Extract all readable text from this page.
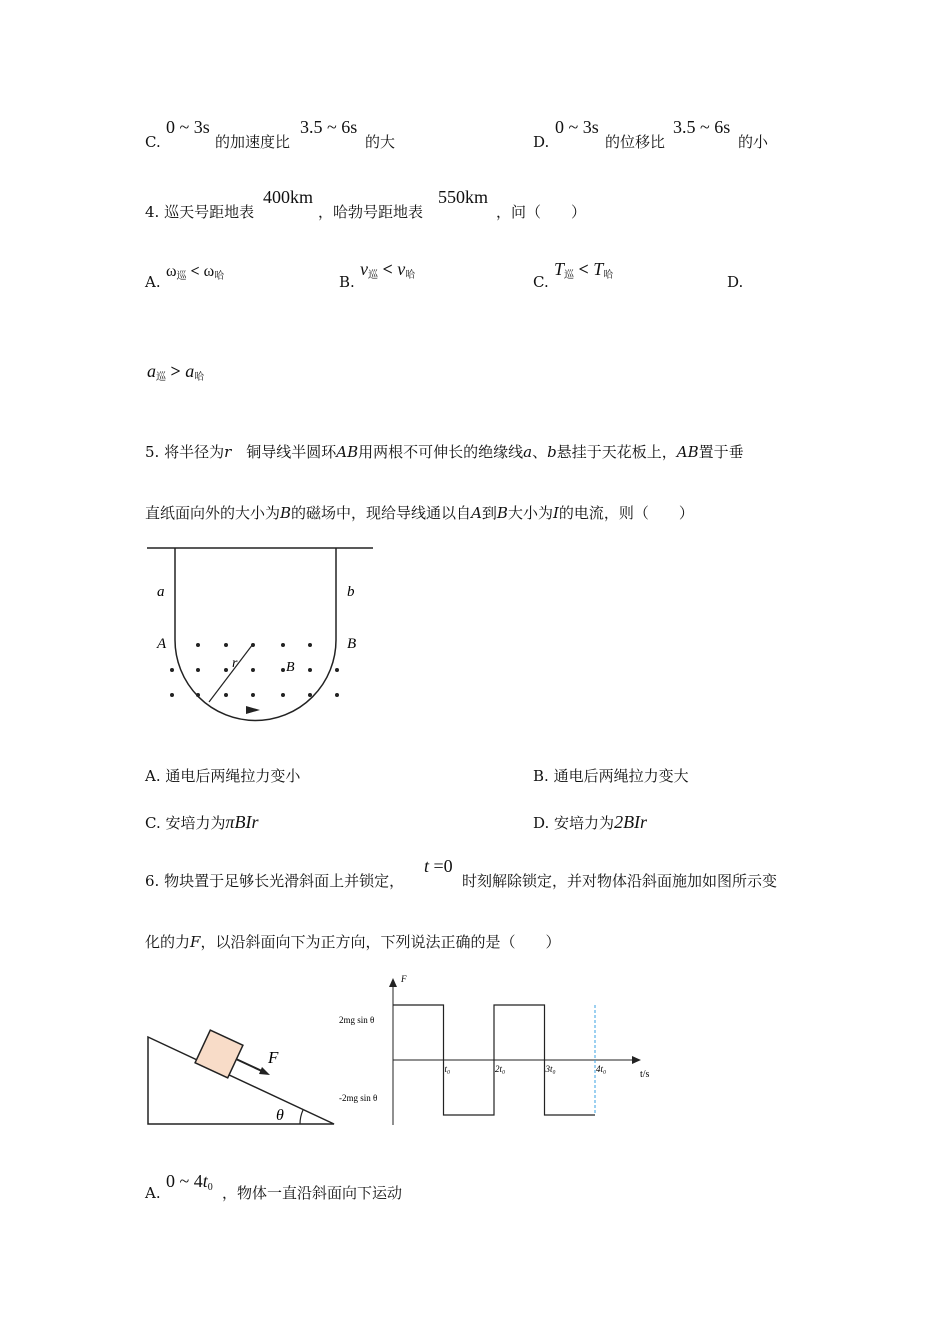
C.
0 ~ 3s
的加速度比
3.5 ~ 6s
的大	D.
0 ~ 3s
的位移比
3.5 ~ 6s
的小
4. 巡天号距地表
400km
，哈勃号距地表
550km
，问（　　）
A.
$\omega_巡 < \omega_哈$	B.
$v_巡 < v_哈$	C.
$T_巡 < T_哈$	D.
$a_巡 > a_哈$
5. 将半径为r  铜导线半圆环AB用两根不可伸长的绝缘线a、b悬挂于天花板上，AB置于垂
直纸面向外的大小为B的磁场中，现给导线通以自A到B大小为I的电流，则（　　）
a	b
A	B
r	B
A. 通电后两绳拉力变小	B. 通电后两绳拉力变大
C. 安培力为πBIr	D. 安培力为2BIr
6. 物块置于足够长光滑斜面上并锁定，
t =0
时刻解除锁定，并对物体沿斜面施加如图所示变
化的力F，以沿斜面向下为正方向，下列说法正确的是（　　）
F
θ
F
t/s
2mg sin θ
-2mg sin θ
t₀	2t₀	3t₀	4t₀
A.
0 ~ $4t_0$ ，物体一直沿斜面向下运动
